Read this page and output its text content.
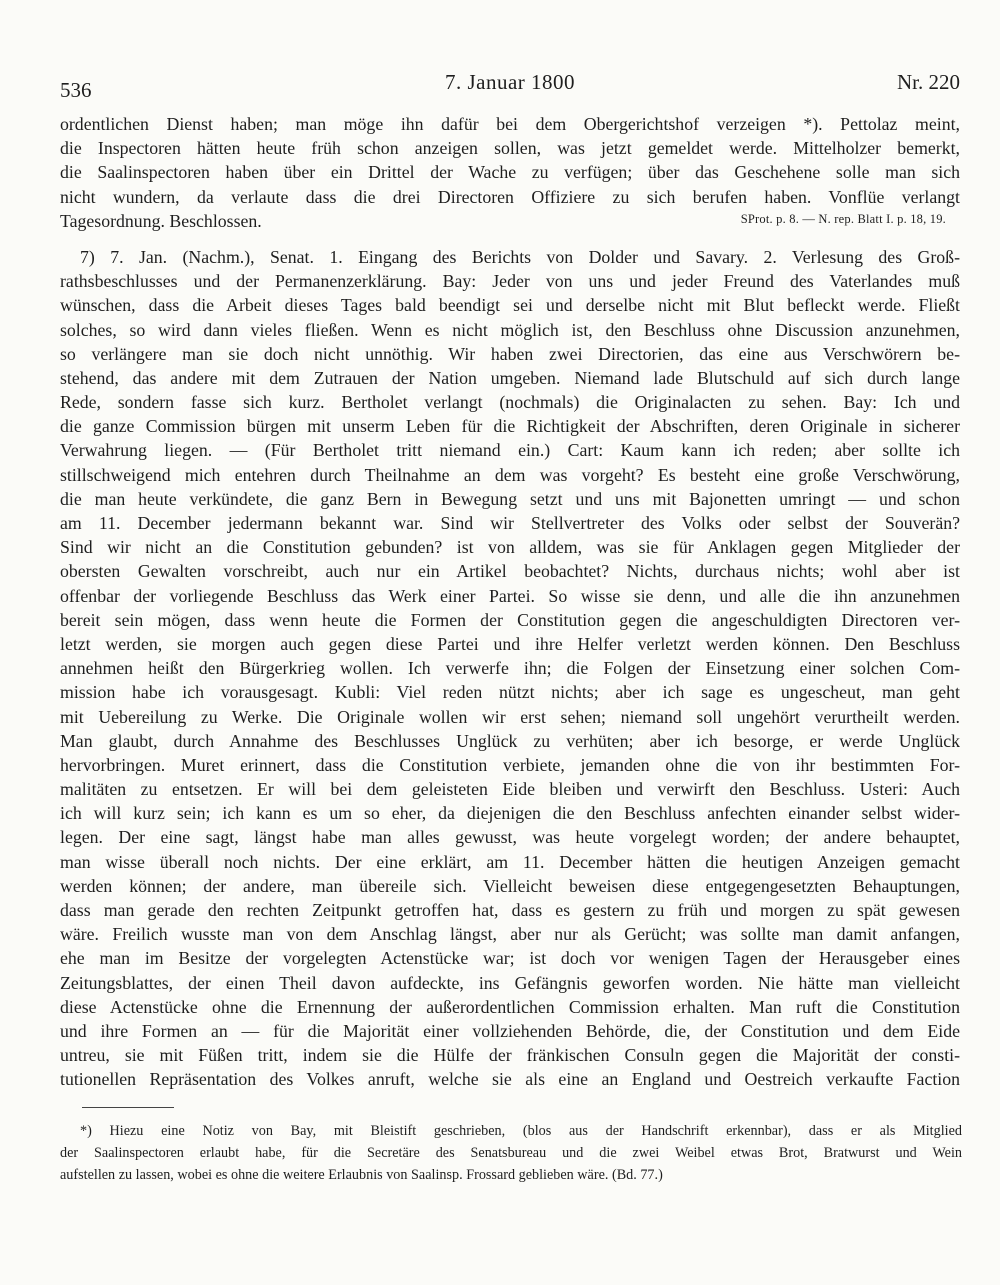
536	7. Januar 1800	Nr. 220
ordentlichen Dienst haben; man möge ihn dafür bei dem Obergerichtshof verzeigen *). Pettolaz meint,
die Inspectoren hätten heute früh schon anzeigen sollen, was jetzt gemeldet werde. Mittelholzer bemerkt,
die Saalinspectoren haben über ein Drittel der Wache zu verfügen; über das Geschehene solle man sich
nicht wundern, da verlaute dass die drei Directoren Offiziere zu sich berufen haben. Vonflüe verlangt
Tagesordnung. Beschlossen.	SProt. p. 8. — N. rep. Blatt I. p. 18, 19.
7) 7. Jan. (Nachm.), Senat. 1. Eingang des Berichts von Dolder und Savary. 2. Verlesung des Groß-
rathsbeschlusses und der Permanenzerklärung. Bay: Jeder von uns und jeder Freund des Vaterlandes muß
wünschen, dass die Arbeit dieses Tages bald beendigt sei und derselbe nicht mit Blut befleckt werde. Fließt
solches, so wird dann vieles fließen. Wenn es nicht möglich ist, den Beschluss ohne Discussion anzunehmen,
so verlängere man sie doch nicht unnöthig. Wir haben zwei Directorien, das eine aus Verschwörern be-
stehend, das andere mit dem Zutrauen der Nation umgeben. Niemand lade Blutschuld auf sich durch lange
Rede, sondern fasse sich kurz. Bertholet verlangt (nochmals) die Originalacten zu sehen. Bay: Ich und
die ganze Commission bürgen mit unserm Leben für die Richtigkeit der Abschriften, deren Originale in sicherer
Verwahrung liegen. — (Für Bertholet tritt niemand ein.) Cart: Kaum kann ich reden; aber sollte ich
stillschweigend mich entehren durch Theilnahme an dem was vorgeht? Es besteht eine große Verschwörung,
die man heute verkündete, die ganz Bern in Bewegung setzt und uns mit Bajonetten umringt — und schon
am 11. December jedermann bekannt war. Sind wir Stellvertreter des Volks oder selbst der Souverän?
Sind wir nicht an die Constitution gebunden? ist von alldem, was sie für Anklagen gegen Mitglieder der
obersten Gewalten vorschreibt, auch nur ein Artikel beobachtet? Nichts, durchaus nichts; wohl aber ist
offenbar der vorliegende Beschluss das Werk einer Partei. So wisse sie denn, und alle die ihn anzunehmen
bereit sein mögen, dass wenn heute die Formen der Constitution gegen die angeschuldigten Directoren ver-
letzt werden, sie morgen auch gegen diese Partei und ihre Helfer verletzt werden können. Den Beschluss
annehmen heißt den Bürgerkrieg wollen. Ich verwerfe ihn; die Folgen der Einsetzung einer solchen Com-
mission habe ich vorausgesagt. Kubli: Viel reden nützt nichts; aber ich sage es ungescheut, man geht
mit Uebereilung zu Werke. Die Originale wollen wir erst sehen; niemand soll ungehört verurtheilt werden.
Man glaubt, durch Annahme des Beschlusses Unglück zu verhüten; aber ich besorge, er werde Unglück
hervorbringen. Muret erinnert, dass die Constitution verbiete, jemanden ohne die von ihr bestimmten For-
malitäten zu entsetzen. Er will bei dem geleisteten Eide bleiben und verwirft den Beschluss. Usteri: Auch
ich will kurz sein; ich kann es um so eher, da diejenigen die den Beschluss anfechten einander selbst wider-
legen. Der eine sagt, längst habe man alles gewusst, was heute vorgelegt worden; der andere behauptet,
man wisse überall noch nichts. Der eine erklärt, am 11. December hätten die heutigen Anzeigen gemacht
werden können; der andere, man übereile sich. Vielleicht beweisen diese entgegengesetzten Behauptungen,
dass man gerade den rechten Zeitpunkt getroffen hat, dass es gestern zu früh und morgen zu spät gewesen
wäre. Freilich wusste man von dem Anschlag längst, aber nur als Gerücht; was sollte man damit anfangen,
ehe man im Besitze der vorgelegten Actenstücke war; ist doch vor wenigen Tagen der Herausgeber eines
Zeitungsblattes, der einen Theil davon aufdeckte, ins Gefängnis geworfen worden. Nie hätte man vielleicht
diese Actenstücke ohne die Ernennung der außerordentlichen Commission erhalten. Man ruft die Constitution
und ihre Formen an — für die Majorität einer vollziehenden Behörde, die, der Constitution und dem Eide
untreu, sie mit Füßen tritt, indem sie die Hülfe der fränkischen Consuln gegen die Majorität der consti-
tutionellen Repräsentation des Volkes anruft, welche sie als eine an England und Oestreich verkaufte Faction
*) Hiezu eine Notiz von Bay, mit Bleistift geschrieben, (blos aus der Handschrift erkennbar), dass er als Mitglied
der Saalinspectoren erlaubt habe, für die Secretäre des Senatsbureau und die zwei Weibel etwas Brot, Bratwurst und Wein
aufstellen zu lassen, wobei es ohne die weitere Erlaubnis von Saalinsp. Frossard geblieben wäre. (Bd. 77.)
